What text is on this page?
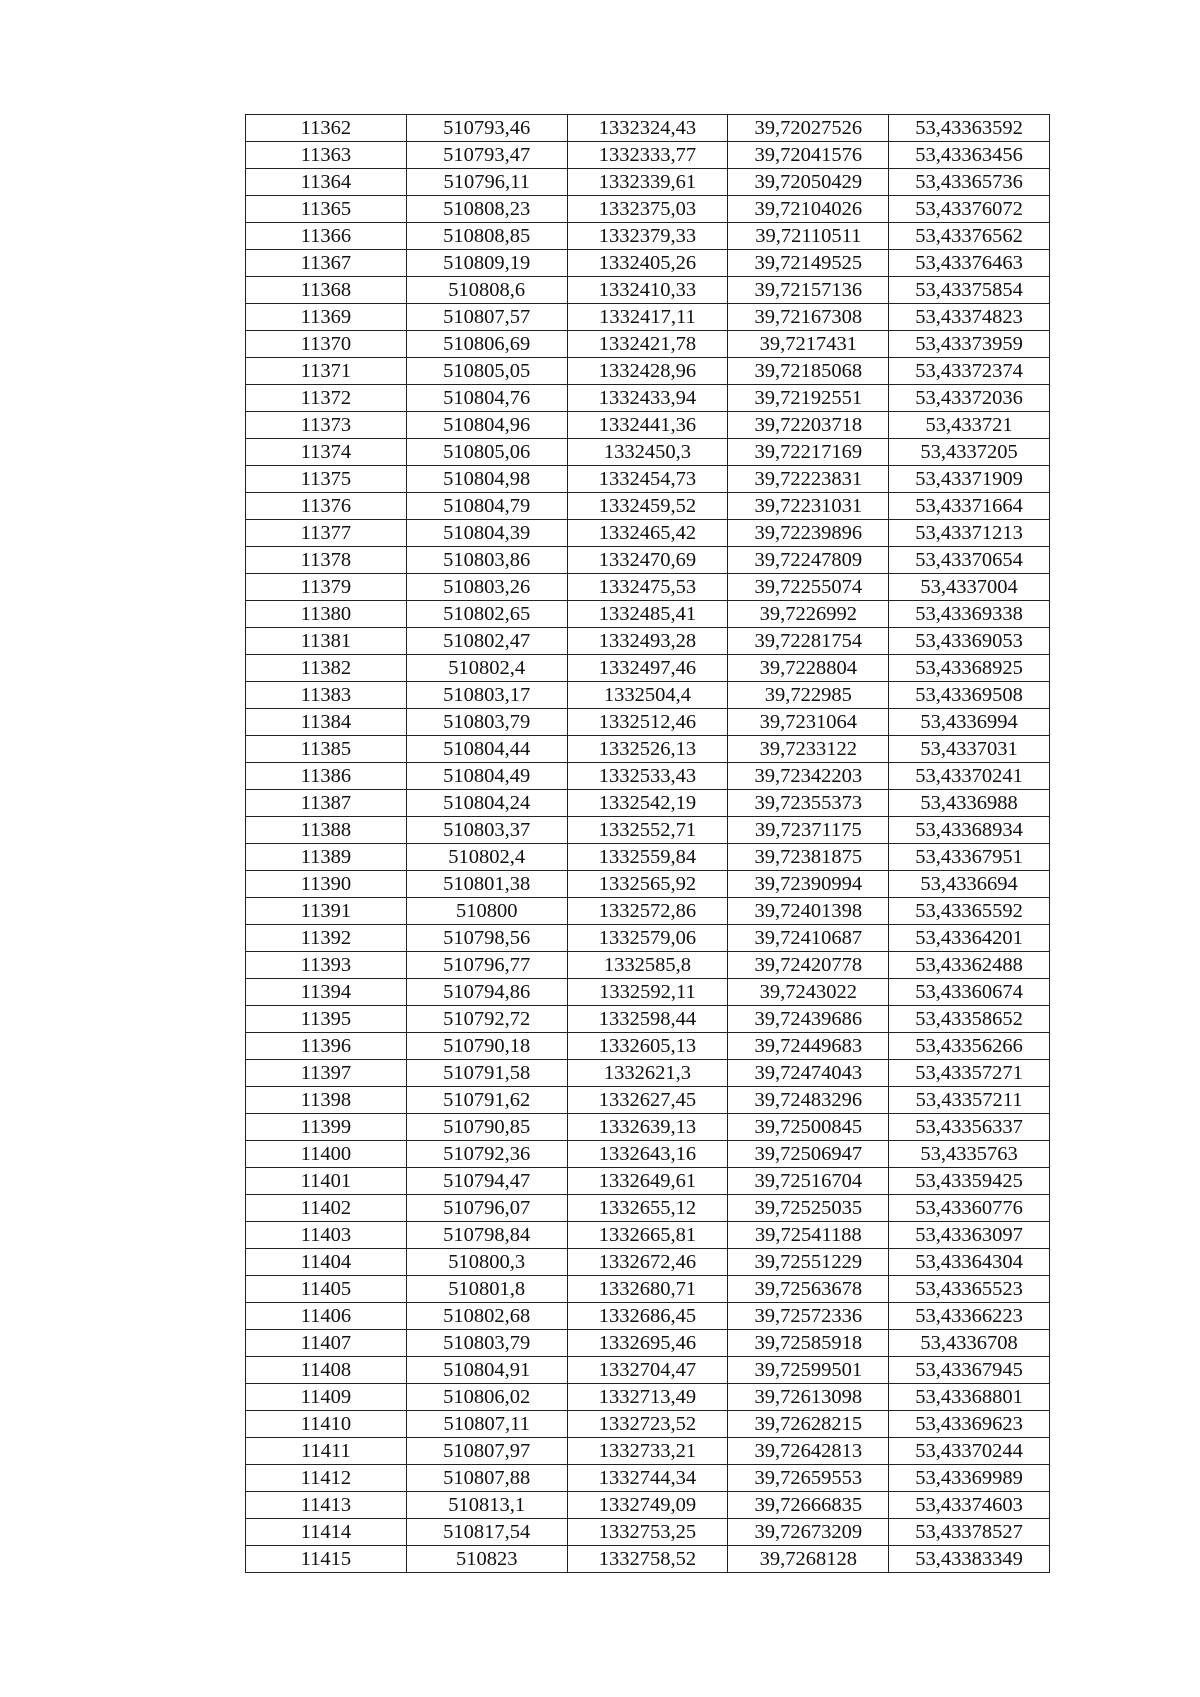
11362	510793,46	1332324,43	39,72027526	53,43363592
11363	510793,47	1332333,77	39,72041576	53,43363456
11364	510796,11	1332339,61	39,72050429	53,43365736
11365	510808,23	1332375,03	39,72104026	53,43376072
11366	510808,85	1332379,33	39,72110511	53,43376562
11367	510809,19	1332405,26	39,72149525	53,43376463
11368	510808,6	1332410,33	39,72157136	53,43375854
11369	510807,57	1332417,11	39,72167308	53,43374823
11370	510806,69	1332421,78	39,7217431	53,43373959
11371	510805,05	1332428,96	39,72185068	53,43372374
11372	510804,76	1332433,94	39,72192551	53,43372036
11373	510804,96	1332441,36	39,72203718	53,433721
11374	510805,06	1332450,3	39,72217169	53,4337205
11375	510804,98	1332454,73	39,72223831	53,43371909
11376	510804,79	1332459,52	39,72231031	53,43371664
11377	510804,39	1332465,42	39,72239896	53,43371213
11378	510803,86	1332470,69	39,72247809	53,43370654
11379	510803,26	1332475,53	39,72255074	53,4337004
11380	510802,65	1332485,41	39,7226992	53,43369338
11381	510802,47	1332493,28	39,72281754	53,43369053
11382	510802,4	1332497,46	39,7228804	53,43368925
11383	510803,17	1332504,4	39,722985	53,43369508
11384	510803,79	1332512,46	39,7231064	53,4336994
11385	510804,44	1332526,13	39,7233122	53,4337031
11386	510804,49	1332533,43	39,72342203	53,43370241
11387	510804,24	1332542,19	39,72355373	53,4336988
11388	510803,37	1332552,71	39,72371175	53,43368934
11389	510802,4	1332559,84	39,72381875	53,43367951
11390	510801,38	1332565,92	39,72390994	53,4336694
11391	510800	1332572,86	39,72401398	53,43365592
11392	510798,56	1332579,06	39,72410687	53,43364201
11393	510796,77	1332585,8	39,72420778	53,43362488
11394	510794,86	1332592,11	39,7243022	53,43360674
11395	510792,72	1332598,44	39,72439686	53,43358652
11396	510790,18	1332605,13	39,72449683	53,43356266
11397	510791,58	1332621,3	39,72474043	53,43357271
11398	510791,62	1332627,45	39,72483296	53,43357211
11399	510790,85	1332639,13	39,72500845	53,43356337
11400	510792,36	1332643,16	39,72506947	53,4335763
11401	510794,47	1332649,61	39,72516704	53,43359425
11402	510796,07	1332655,12	39,72525035	53,43360776
11403	510798,84	1332665,81	39,72541188	53,43363097
11404	510800,3	1332672,46	39,72551229	53,43364304
11405	510801,8	1332680,71	39,72563678	53,43365523
11406	510802,68	1332686,45	39,72572336	53,43366223
11407	510803,79	1332695,46	39,72585918	53,4336708
11408	510804,91	1332704,47	39,72599501	53,43367945
11409	510806,02	1332713,49	39,72613098	53,43368801
11410	510807,11	1332723,52	39,72628215	53,43369623
11411	510807,97	1332733,21	39,72642813	53,43370244
11412	510807,88	1332744,34	39,72659553	53,43369989
11413	510813,1	1332749,09	39,72666835	53,43374603
11414	510817,54	1332753,25	39,72673209	53,43378527
11415	510823	1332758,52	39,7268128	53,43383349
